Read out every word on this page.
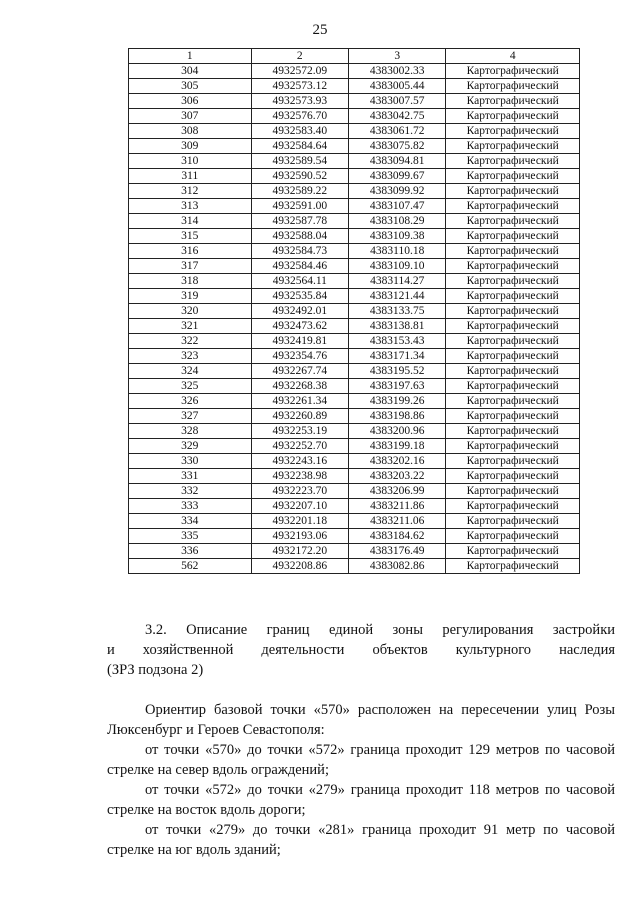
25
1	2	3	4
304	4932572.09	4383002.33	Картографический
305	4932573.12	4383005.44	Картографический
306	4932573.93	4383007.57	Картографический
307	4932576.70	4383042.75	Картографический
308	4932583.40	4383061.72	Картографический
309	4932584.64	4383075.82	Картографический
310	4932589.54	4383094.81	Картографический
311	4932590.52	4383099.67	Картографический
312	4932589.22	4383099.92	Картографический
313	4932591.00	4383107.47	Картографический
314	4932587.78	4383108.29	Картографический
315	4932588.04	4383109.38	Картографический
316	4932584.73	4383110.18	Картографический
317	4932584.46	4383109.10	Картографический
318	4932564.11	4383114.27	Картографический
319	4932535.84	4383121.44	Картографический
320	4932492.01	4383133.75	Картографический
321	4932473.62	4383138.81	Картографический
322	4932419.81	4383153.43	Картографический
323	4932354.76	4383171.34	Картографический
324	4932267.74	4383195.52	Картографический
325	4932268.38	4383197.63	Картографический
326	4932261.34	4383199.26	Картографический
327	4932260.89	4383198.86	Картографический
328	4932253.19	4383200.96	Картографический
329	4932252.70	4383199.18	Картографический
330	4932243.16	4383202.16	Картографический
331	4932238.98	4383203.22	Картографический
332	4932223.70	4383206.99	Картографический
333	4932207.10	4383211.86	Картографический
334	4932201.18	4383211.06	Картографический
335	4932193.06	4383184.62	Картографический
336	4932172.20	4383176.49	Картографический
562	4932208.86	4383082.86	Картографический
3.2. Описание границ единой зоны регулирования застройки
и хозяйственной деятельности объектов культурного наследия
(ЗРЗ подзона 2)

Ориентир базовой точки «570» расположен на пересечении улиц Розы Люксенбург и Героев Севастополя:

от точки «570» до точки «572» граница проходит 129 метров по часовой стрелке на север вдоль ограждений;

от точки «572» до точки «279» граница проходит 118 метров по часовой стрелке на восток вдоль дороги;

от точки «279» до точки «281» граница проходит 91 метр по часовой стрелке на юг вдоль зданий;
